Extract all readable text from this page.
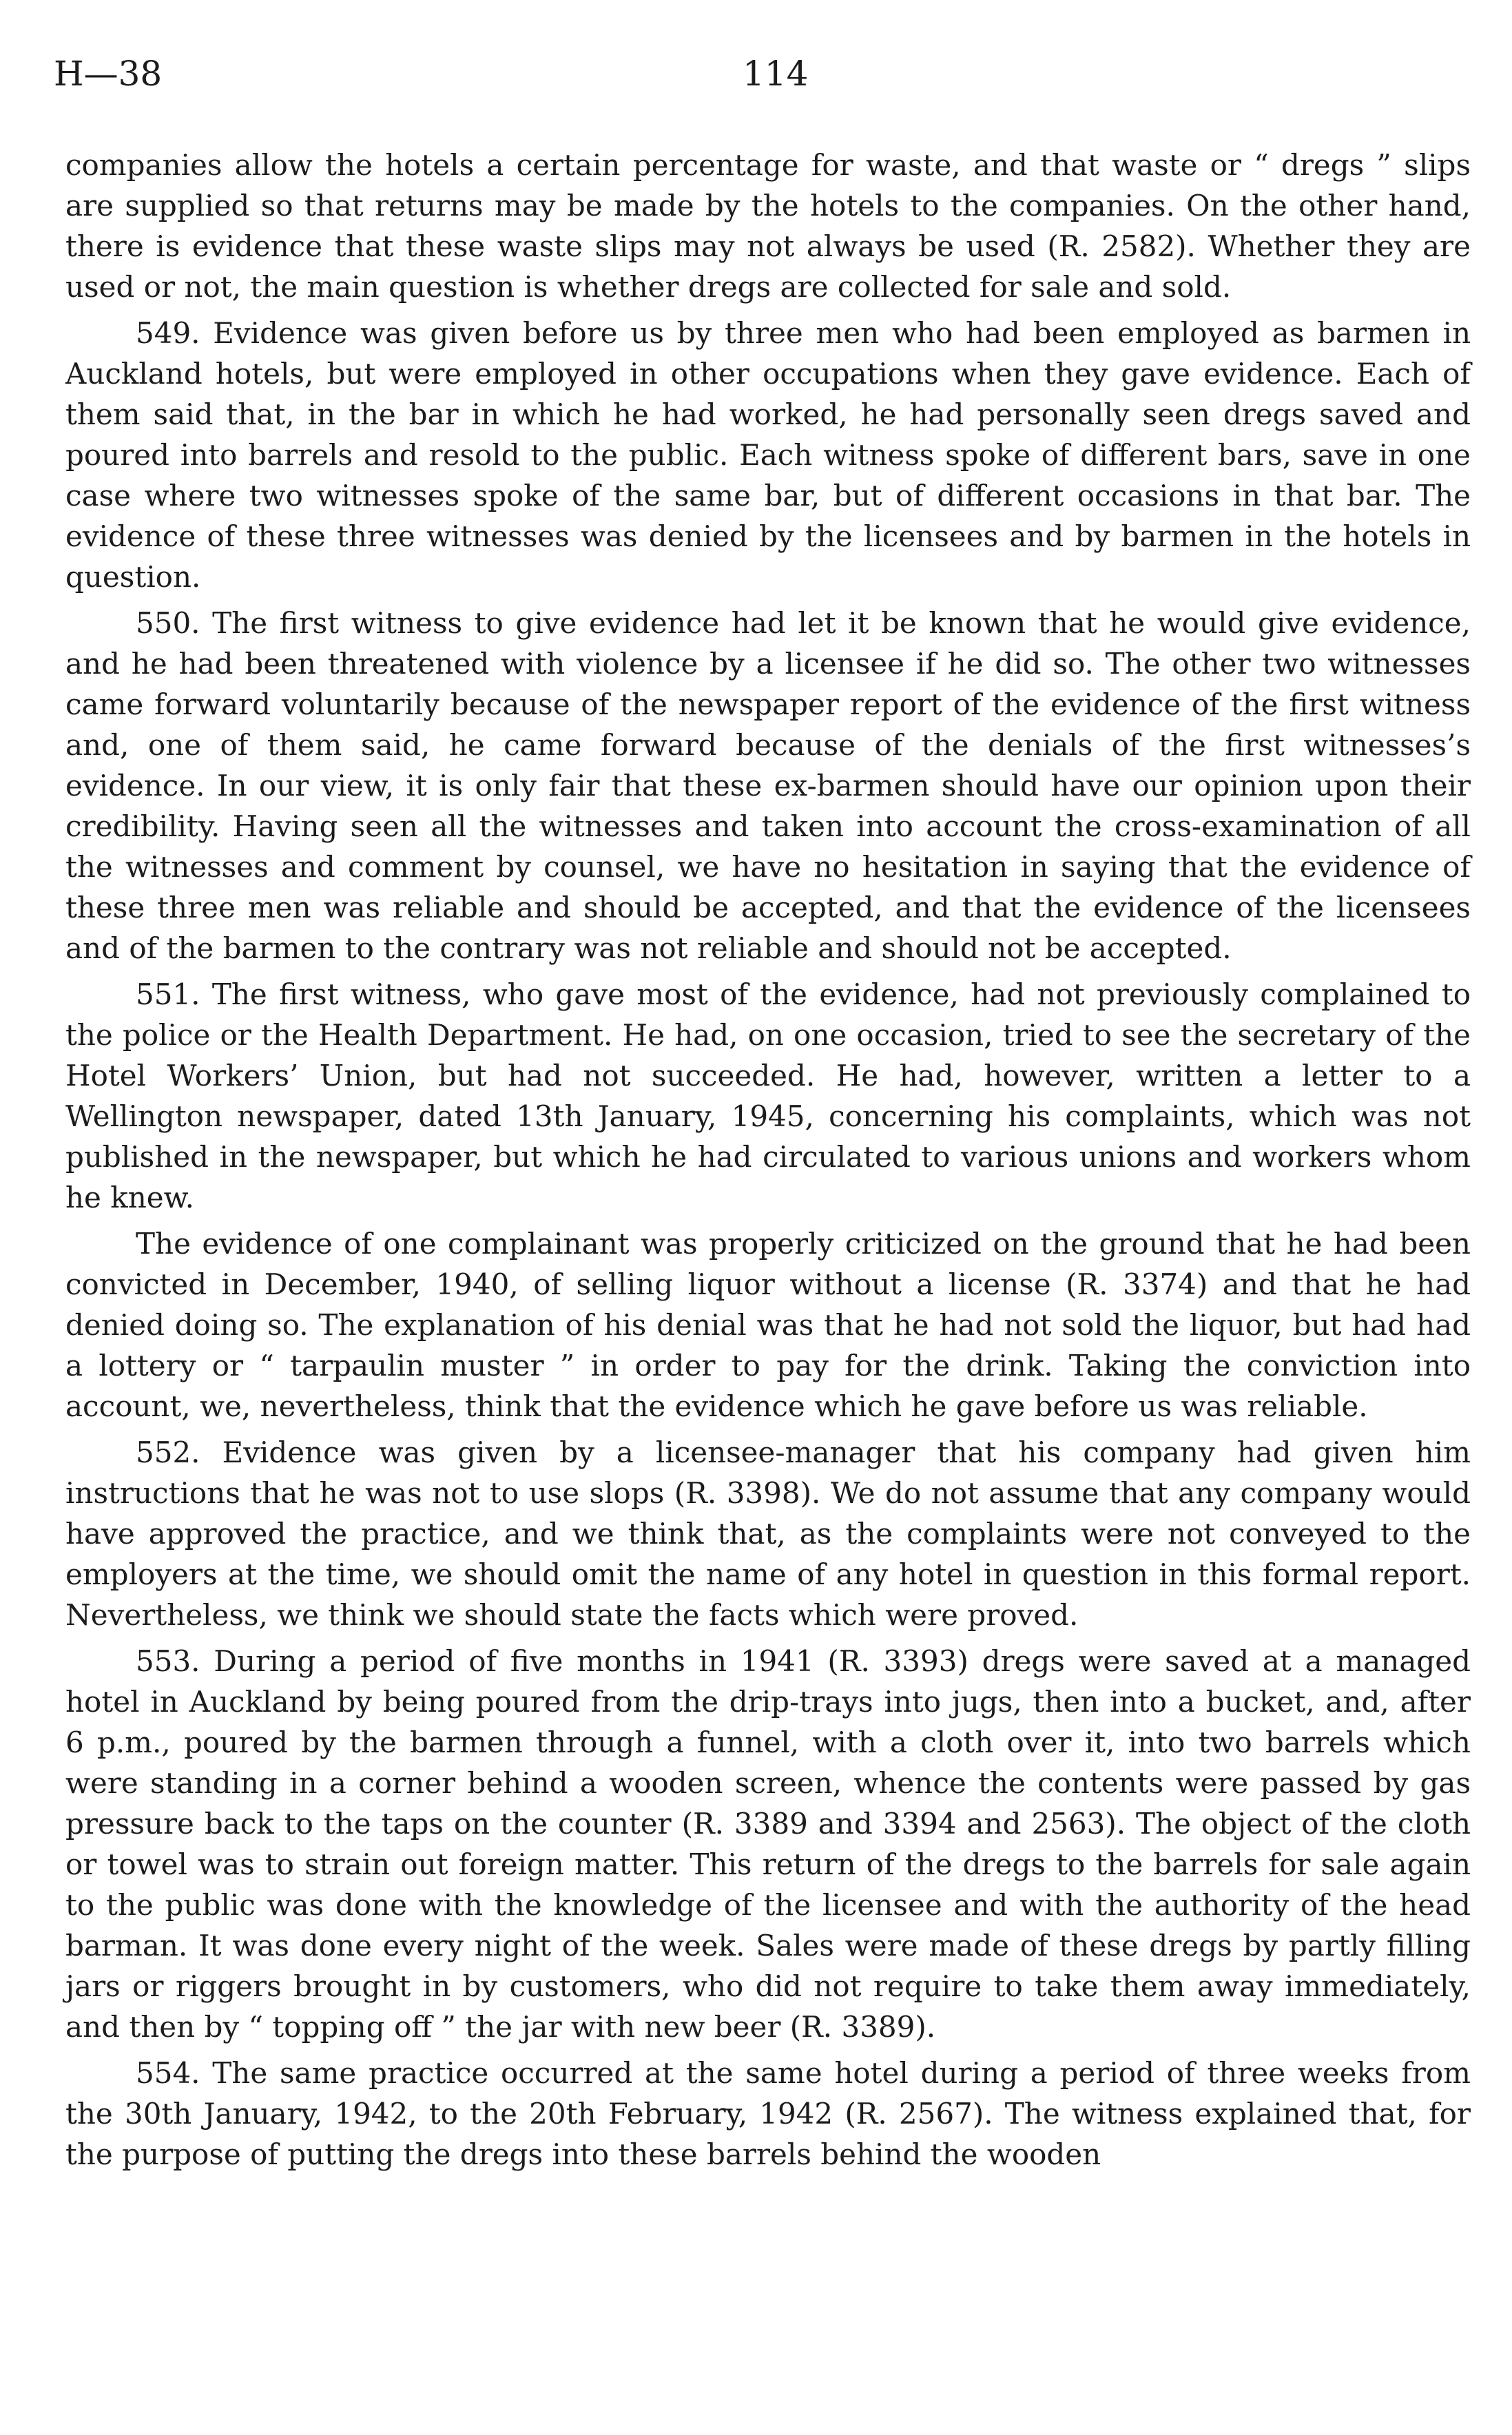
H—38	114

companies allow the hotels a certain percentage for waste, and that waste or “ dregs ” slips are supplied so that returns may be made by the hotels to the companies. On the other hand, there is evidence that these waste slips may not always be used (R. 2582). Whether they are used or not, the main question is whether dregs are collected for sale and sold.

549. Evidence was given before us by three men who had been employed as barmen in Auckland hotels, but were employed in other occupations when they gave evidence. Each of them said that, in the bar in which he had worked, he had personally seen dregs saved and poured into barrels and resold to the public. Each witness spoke of different bars, save in one case where two witnesses spoke of the same bar, but of different occasions in that bar. The evidence of these three witnesses was denied by the licensees and by barmen in the hotels in question.

550. The first witness to give evidence had let it be known that he would give evidence, and he had been threatened with violence by a licensee if he did so. The other two witnesses came forward voluntarily because of the newspaper report of the evidence of the first witness and, one of them said, he came forward because of the denials of the first witnesses’s evidence. In our view, it is only fair that these ex-barmen should have our opinion upon their credibility. Having seen all the witnesses and taken into account the cross-examination of all the witnesses and comment by counsel, we have no hesitation in saying that the evidence of these three men was reliable and should be accepted, and that the evidence of the licensees and of the barmen to the contrary was not reliable and should not be accepted.

551. The first witness, who gave most of the evidence, had not previously complained to the police or the Health Department. He had, on one occasion, tried to see the secretary of the Hotel Workers’ Union, but had not succeeded. He had, however, written a letter to a Wellington newspaper, dated 13th January, 1945, concerning his complaints, which was not published in the newspaper, but which he had circulated to various unions and workers whom he knew.

The evidence of one complainant was properly criticized on the ground that he had been convicted in December, 1940, of selling liquor without a license (R. 3374) and that he had denied doing so. The explanation of his denial was that he had not sold the liquor, but had had a lottery or “ tarpaulin muster ” in order to pay for the drink. Taking the conviction into account, we, nevertheless, think that the evidence which he gave before us was reliable.

552. Evidence was given by a licensee-manager that his company had given him instructions that he was not to use slops (R. 3398). We do not assume that any company would have approved the practice, and we think that, as the complaints were not conveyed to the employers at the time, we should omit the name of any hotel in question in this formal report. Nevertheless, we think we should state the facts which were proved.

553. During a period of five months in 1941 (R. 3393) dregs were saved at a managed hotel in Auckland by being poured from the drip-trays into jugs, then into a bucket, and, after 6 p.m., poured by the barmen through a funnel, with a cloth over it, into two barrels which were standing in a corner behind a wooden screen, whence the contents were passed by gas pressure back to the taps on the counter (R. 3389 and 3394 and 2563). The object of the cloth or towel was to strain out foreign matter. This return of the dregs to the barrels for sale again to the public was done with the knowledge of the licensee and with the authority of the head barman. It was done every night of the week. Sales were made of these dregs by partly filling jars or riggers brought in by customers, who did not require to take them away immediately, and then by “ topping off ” the jar with new beer (R. 3389).

554. The same practice occurred at the same hotel during a period of three weeks from the 30th January, 1942, to the 20th February, 1942 (R. 2567). The witness explained that, for the purpose of putting the dregs into these barrels behind the wooden
